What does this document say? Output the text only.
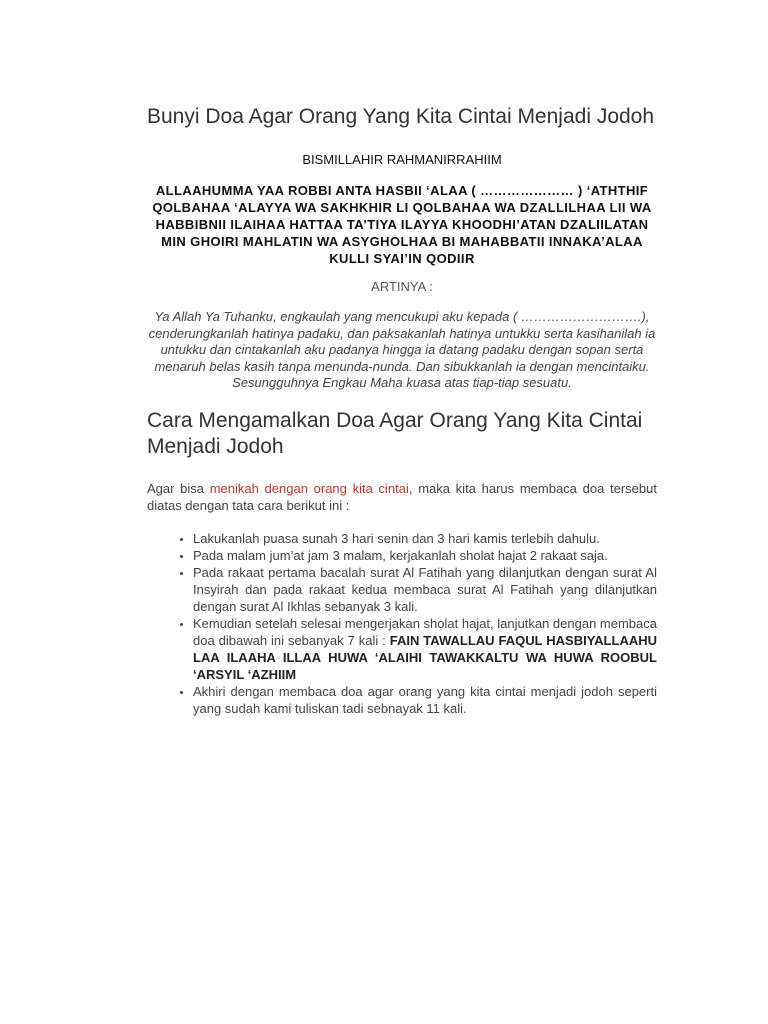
Bunyi Doa Agar Orang Yang Kita Cintai Menjadi Jodoh

BISMILLAHIR RAHMANIRRAHIIM

ALLAAHUMMA YAA ROBBI ANTA HASBII ‘ALAA ( ………………… ) ‘ATHTHIF QOLBAHAA ‘ALAYYA WA SAKHKHIR LI QOLBAHAA WA DZALLILHAA LII WA HABBIBNII ILAIHAA HATTAA TA’TIYA ILAYYA KHOODHI’ATAN DZALIILATAN MIN GHOIRI MAHLATIN WA ASYGHOLHAA BI MAHABBATII INNAKA’ALAA KULLI SYAI’IN QODIIR

ARTINYA :

Ya Allah Ya Tuhanku, engkaulah yang mencukupi aku kepada ( ……………………….), cenderungkanlah hatinya padaku, dan paksakanlah hatinya untukku serta kasihanilah ia untukku dan cintakanlah aku padanya hingga ia datang padaku dengan sopan serta menaruh belas kasih tanpa menunda-nunda. Dan sibukkanlah ia dengan mencintaiku. Sesungguhnya Engkau Maha kuasa atas tiap-tiap sesuatu.

Cara Mengamalkan Doa Agar Orang Yang Kita Cintai Menjadi Jodoh

Agar bisa menikah dengan orang kita cintai, maka kita harus membaca doa tersebut diatas dengan tata cara berikut ini :

• Lakukanlah puasa sunah 3 hari senin dan 3 hari kamis terlebih dahulu.
• Pada malam jum’at jam 3 malam, kerjakanlah sholat hajat 2 rakaat saja.
• Pada rakaat pertama bacalah surat Al Fatihah yang dilanjutkan dengan surat Al Insyirah dan pada rakaat kedua membaca surat Al Fatihah yang dilanjutkan dengan surat Al Ikhlas sebanyak 3 kali.
• Kemudian setelah selesai mengerjakan sholat hajat, lanjutkan dengan membaca doa dibawah ini sebanyak 7 kali : FAIN TAWALLAU FAQUL HASBIYALLAAHU LAA ILAAHA ILLAA HUWA ‘ALAIHI TAWAKKALTU WA HUWA ROOBUL ‘ARSYIL ‘AZHIIM
• Akhiri dengan membaca doa agar orang yang kita cintai menjadi jodoh seperti yang sudah kami tuliskan tadi sebnayak 11 kali.
